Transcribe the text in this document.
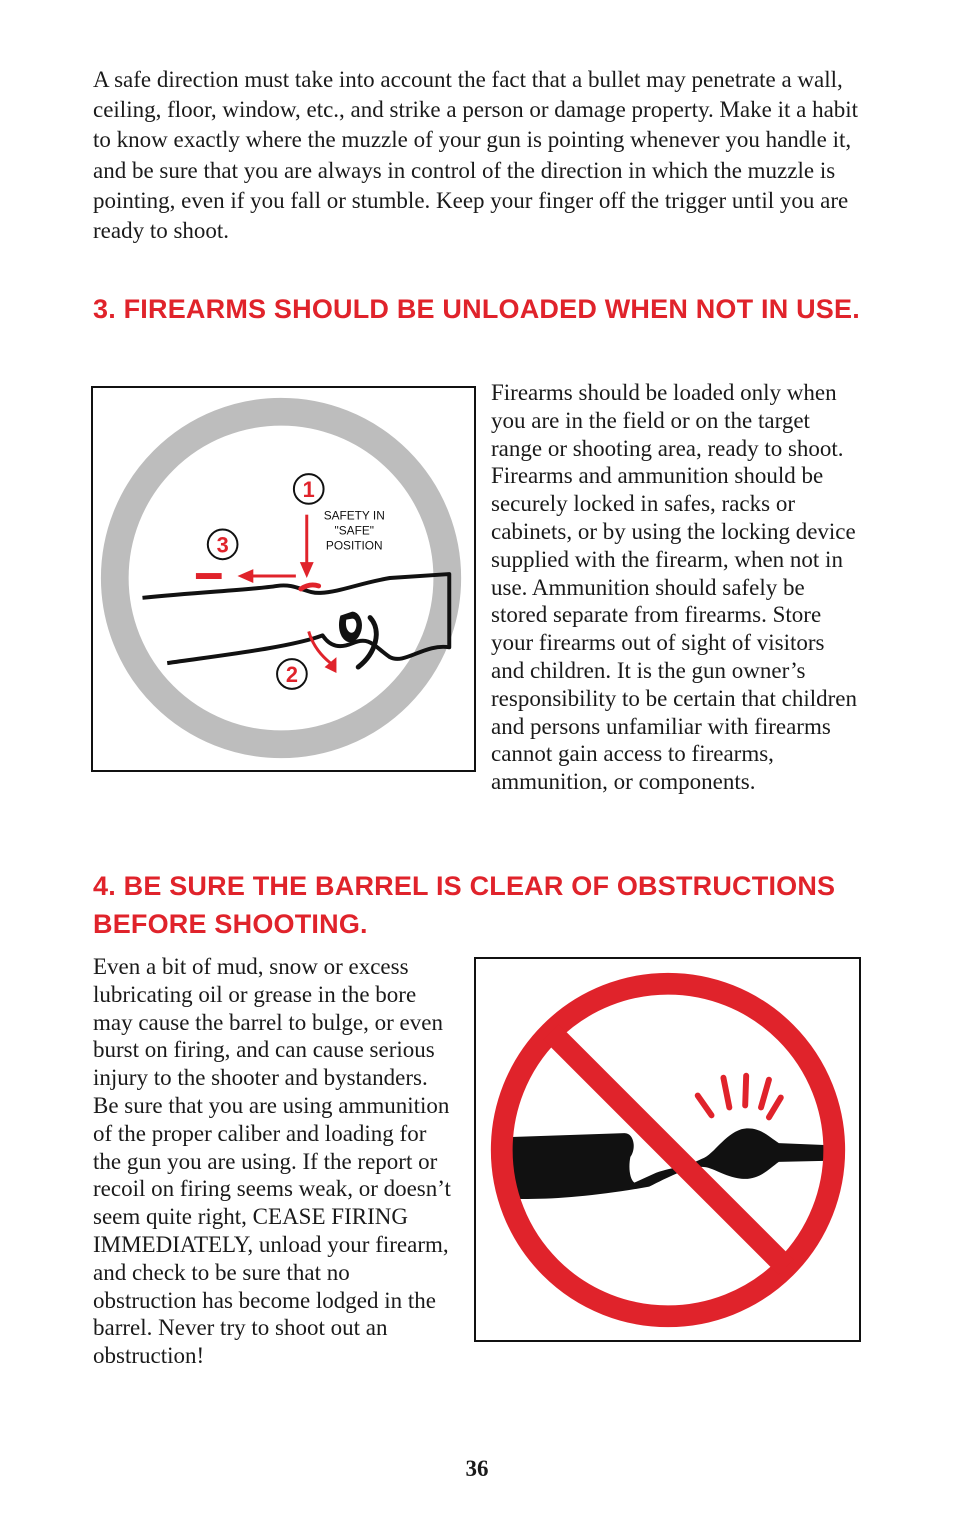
A safe direction must take into account the fact that a bullet may penetrate a wall, ceiling, floor, window, etc., and strike a person or damage property. Make it a habit to know exactly where the muzzle of your gun is pointing whenever you handle it, and be sure that you are always in control of the direction in which the muzzle is pointing, even if you fall or stumble. Keep your finger off the trigger until you are ready to shoot.

3. FIREARMS SHOULD BE UNLOADED WHEN NOT IN USE.
1
3
2
SAFETY IN
"SAFE"
POSITION

Firearms should be loaded only when you are in the field or on the target range or shooting area, ready to shoot. Firearms and ammunition should be securely locked in safes, racks or cabinets, or by using the locking device supplied with the firearm, when not in use. Ammunition should safely be stored separate from firearms. Store your firearms out of sight of visitors and children. It is the gun owner’s responsibility to be certain that children and persons unfamiliar with firearms cannot gain access to firearms, ammunition, or components.

4. BE SURE THE BARREL IS CLEAR OF OBSTRUCTIONS BEFORE SHOOTING.

Even a bit of mud, snow or excess lubricating oil or grease in the bore may cause the barrel to bulge, or even burst on firing, and can cause serious injury to the shooter and bystanders. Be sure that you are using ammunition of the proper caliber and loading for the gun you are using. If the report or recoil on firing seems weak, or doesn’t seem quite right, CEASE FIRING IMMEDIATELY, unload your firearm, and check to be sure that no obstruction has become lodged in the barrel. Never try to shoot out an obstruction!

36
